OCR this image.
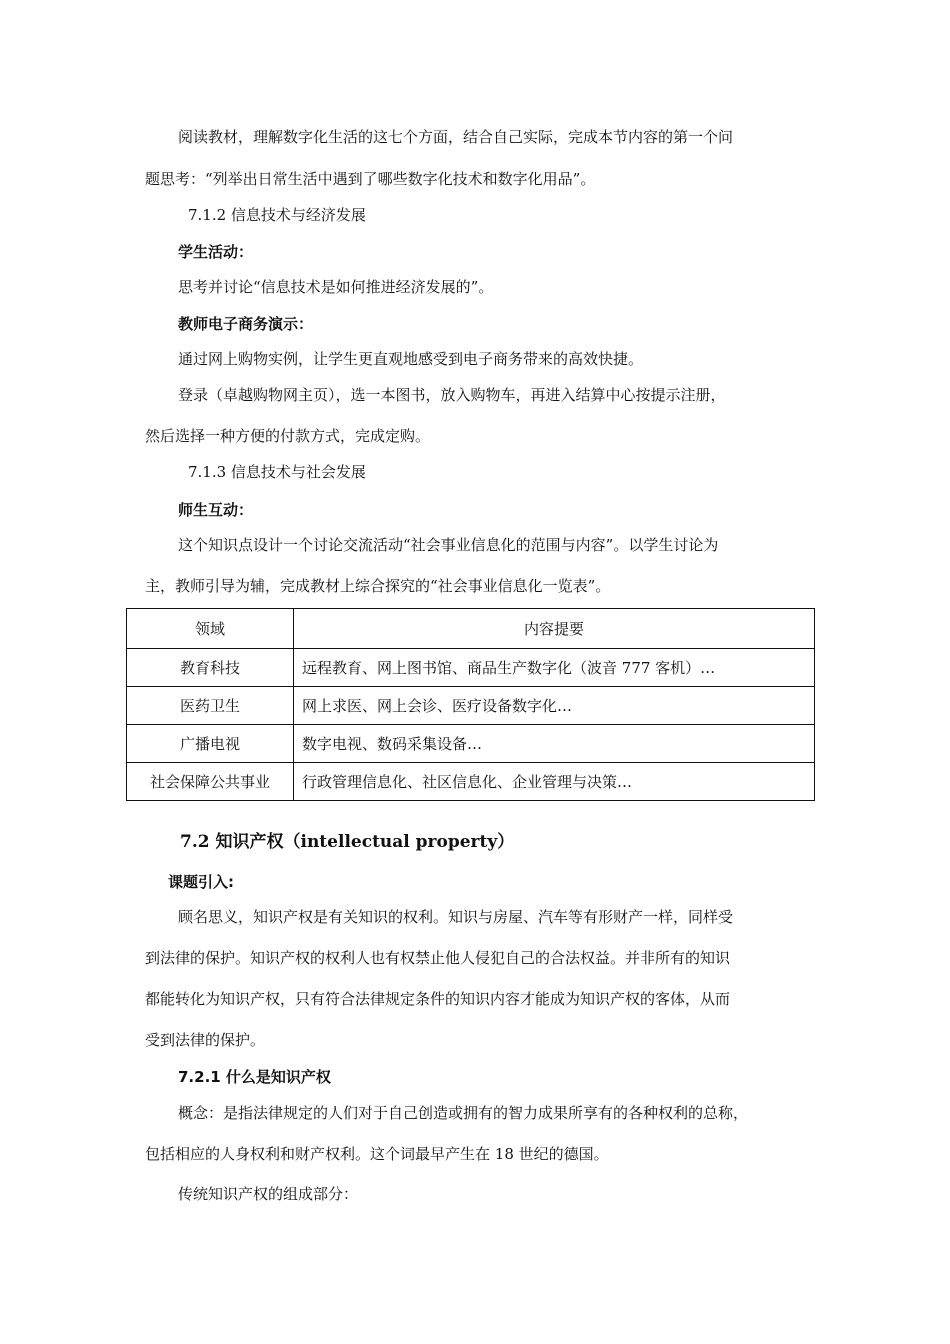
阅读教材，理解数字化生活的这七个方面，结合自己实际，完成本节内容的第一个问
题思考：“列举出日常生活中遇到了哪些数字化技术和数字化用品”。
7.1.2 信息技术与经济发展
学生活动：
思考并讨论“信息技术是如何推进经济发展的”。
教师电子商务演示：
通过网上购物实例，让学生更直观地感受到电子商务带来的高效快捷。
登录（卓越购物网主页），选一本图书，放入购物车，再进入结算中心按提示注册，
然后选择一种方便的付款方式，完成定购。
7.1.3 信息技术与社会发展
师生互动：
这个知识点设计一个讨论交流活动“社会事业信息化的范围与内容”。以学生讨论为
主，教师引导为辅，完成教材上综合探究的“社会事业信息化一览表”。
领域	内容提要
教育科技	远程教育、网上图书馆、商品生产数字化（波音 777 客机）…
医药卫生	网上求医、网上会诊、医疗设备数字化…
广播电视	数字电视、数码采集设备…
社会保障公共事业	行政管理信息化、社区信息化、企业管理与决策…
7.2 知识产权（intellectual property）
课题引入:
顾名思义，知识产权是有关知识的权利。知识与房屋、汽车等有形财产一样，同样受
到法律的保护。知识产权的权利人也有权禁止他人侵犯自己的合法权益。并非所有的知识
都能转化为知识产权，只有符合法律规定条件的知识内容才能成为知识产权的客体，从而
受到法律的保护。
7.2.1 什么是知识产权
概念：是指法律规定的人们对于自己创造或拥有的智力成果所享有的各种权利的总称，
包括相应的人身权利和财产权利。这个词最早产生在 18 世纪的德国。
传统知识产权的组成部分：
